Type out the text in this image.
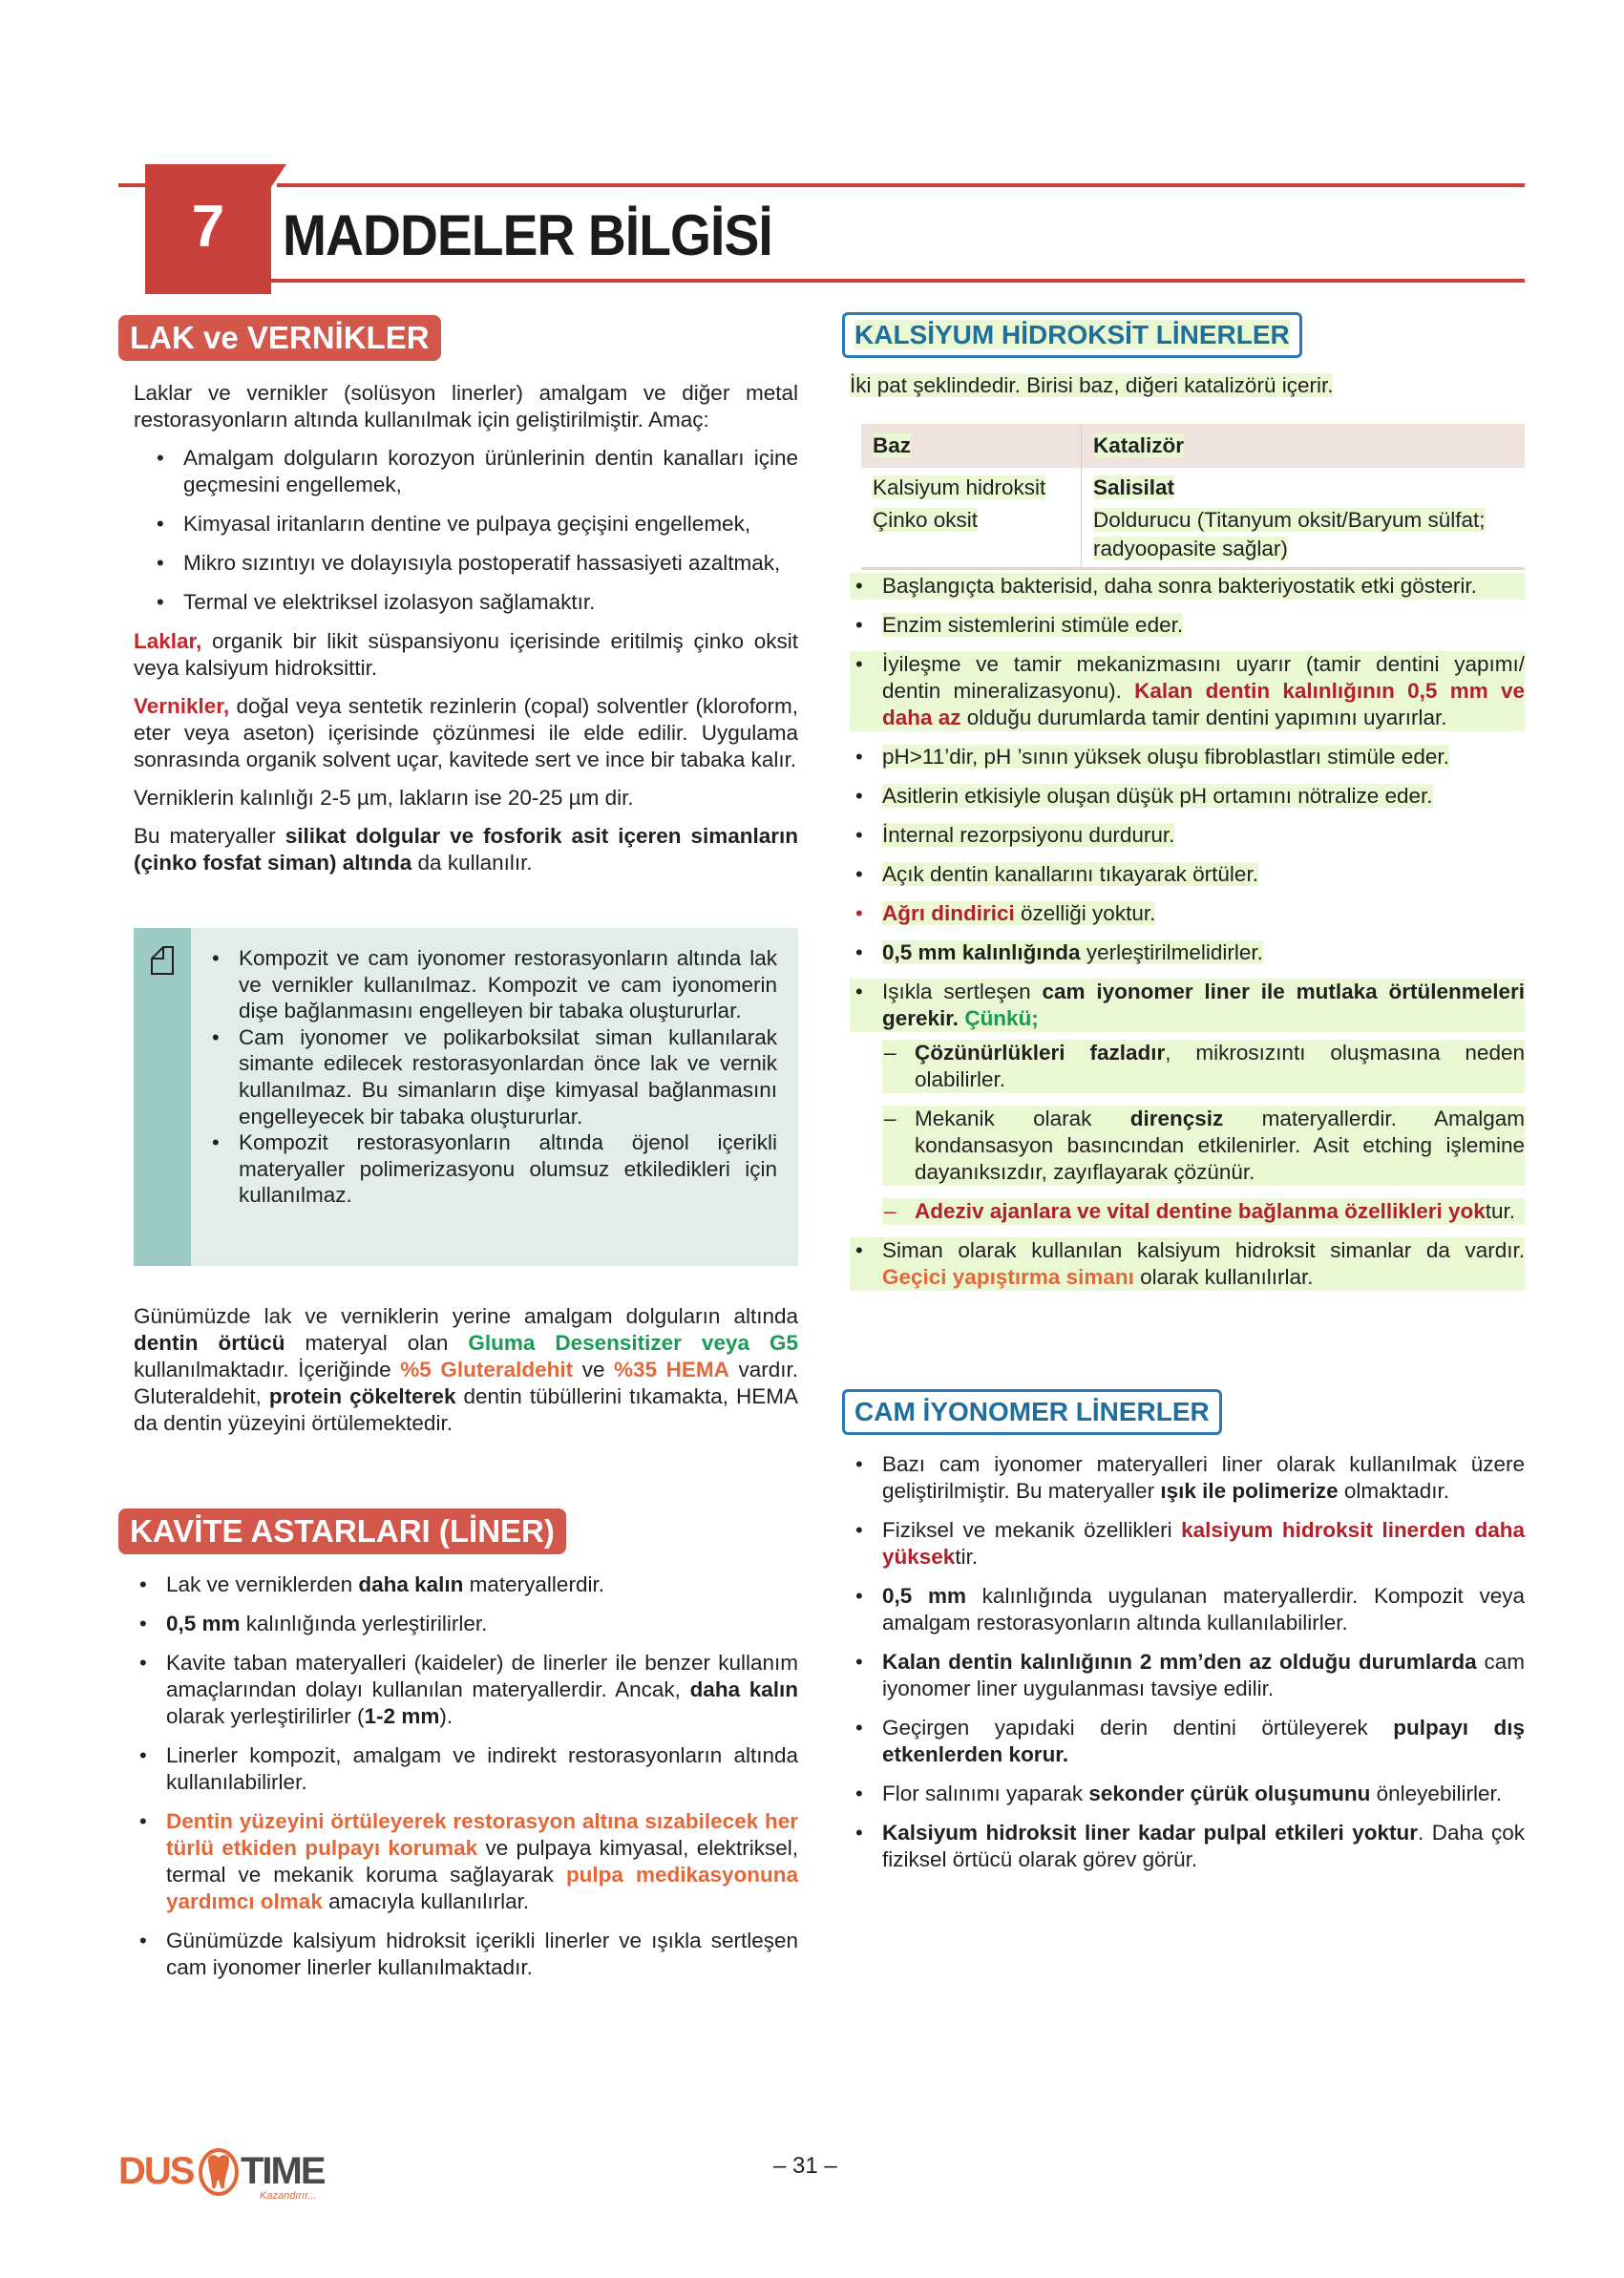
7	MADDELER BİLGİSİ
LAK ve VERNİKLER

Laklar ve vernikler (solüsyon linerler) amalgam ve diğer metal restorasyonların altında kullanılmak için geliştirilmiştir. Amaç:

• Amalgam dolguların korozyon ürünlerinin dentin kanalları içine geçmesini engellemek,
• Kimyasal iritanların dentine ve pulpaya geçişini engellemek,
• Mikro sızıntıyı ve dolayısıyla postoperatif hassasiyeti azaltmak,
• Termal ve elektriksel izolasyon sağlamaktır.

Laklar, organik bir likit süspansiyonu içerisinde eritilmiş çinko oksit veya kalsiyum hidroksittir.

Vernikler, doğal veya sentetik rezinlerin (copal) solventler (kloroform, eter veya aseton) içerisinde çözünmesi ile elde edilir. Uygulama sonrasında organik solvent uçar, kavitede sert ve ince bir tabaka kalır.

Verniklerin kalınlığı 2-5 µm, lakların ise 20-25 µm dir.

Bu materyaller silikat dolgular ve fosforik asit içeren simanların (çinko fosfat siman) altında da kullanılır.

• Kompozit ve cam iyonomer restorasyonların altında lak ve vernikler kullanılmaz. Kompozit ve cam iyonomerin dişe bağlanmasını engelleyen bir tabaka oluştururlar.
• Cam iyonomer ve polikarboksilat siman kullanılarak simante edilecek restorasyonlardan önce lak ve vernik kullanılmaz. Bu simanların dişe kimyasal bağlanmasını engelleyecek bir tabaka oluştururlar.
• Kompozit restorasyonların altında öjenol içerikli materyaller polimerizasyonu olumsuz etkiledikleri için kullanılmaz.

Günümüzde lak ve verniklerin yerine amalgam dolguların altında dentin örtücü materyal olan Gluma Desensitizer veya G5 kullanılmaktadır. İçeriğinde %5 Gluteraldehit ve %35 HEMA vardır. Gluteraldehit, protein çökelterek dentin tübüllerini tıkamakta, HEMA da dentin yüzeyini örtülemektedir.

KAVİTE ASTARLARI (LİNER)
• Lak ve verniklerden daha kalın materyallerdir.
• 0,5 mm kalınlığında yerleştirilirler.
• Kavite taban materyalleri (kaideler) de linerler ile benzer kullanım amaçlarından dolayı kullanılan materyallerdir. Ancak, daha kalın olarak yerleştirilirler (1-2 mm).
• Linerler kompozit, amalgam ve indirekt restorasyonların altında kullanılabilirler.
• Dentin yüzeyini örtüleyerek restorasyon altına sızabilecek her türlü etkiden pulpayı korumak ve pulpaya kimyasal, elektriksel, termal ve mekanik koruma sağlayarak pulpa medikasyonuna yardımcı olmak amacıyla kullanılırlar.
• Günümüzde kalsiyum hidroksit içerikli linerler ve ışıkla sertleşen cam iyonomer linerler kullanılmaktadır.
KALSİYUM HİDROKSİT LİNERLER
İki pat şeklindedir. Birisi baz, diğeri katalizörü içerir.
Baz	Katalizör
Kalsiyum hidroksit	Salisilat
Çinko oksit	Doldurucu (Titanyum oksit/Baryum sülfat; radyoopasite sağlar)
• Başlangıçta bakterisid, daha sonra bakteriyostatik etki gösterir.
• Enzim sistemlerini stimüle eder.
• İyileşme ve tamir mekanizmasını uyarır (tamir dentini yapımı/ dentin mineralizasyonu). Kalan dentin kalınlığının 0,5 mm ve daha az olduğu durumlarda tamir dentini yapımını uyarırlar.
• pH>11’dir, pH ’sının yüksek oluşu fibroblastları stimüle eder.
• Asitlerin etkisiyle oluşan düşük pH ortamını nötralize eder.
• İnternal rezorpsiyonu durdurur.
• Açık dentin kanallarını tıkayarak örtüler.
• Ağrı dindirici özelliği yoktur.
• 0,5 mm kalınlığında yerleştirilmelidirler.
• Işıkla sertleşen cam iyonomer liner ile mutlaka örtülenmeleri gerekir. Çünkü;
– Çözünürlükleri fazladır, mikrosızıntı oluşmasına neden olabilirler.
– Mekanik olarak dirençsiz materyallerdir. Amalgam kondansasyon basıncından etkilenirler. Asit etching işlemine dayanıksızdır, zayıflayarak çözünür.
– Adeziv ajanlara ve vital dentine bağlanma özellikleri yoktur.
• Siman olarak kullanılan kalsiyum hidroksit simanlar da vardır. Geçici yapıştırma simanı olarak kullanılırlar.
CAM İYONOMER LİNERLER
• Bazı cam iyonomer materyalleri liner olarak kullanılmak üzere geliştirilmiştir. Bu materyaller ışık ile polimerize olmaktadır.
• Fiziksel ve mekanik özellikleri kalsiyum hidroksit linerden daha yüksektir.
• 0,5 mm kalınlığında uygulanan materyallerdir. Kompozit veya amalgam restorasyonların altında kullanılabilirler.
• Kalan dentin kalınlığının 2 mm’den az olduğu durumlarda cam iyonomer liner uygulanması tavsiye edilir.
• Geçirgen yapıdaki derin dentini örtüleyerek pulpayı dış etkenlerden korur.
• Flor salınımı yaparak sekonder çürük oluşumunu önleyebilirler.
• Kalsiyum hidroksit liner kadar pulpal etkileri yoktur. Daha çok fiziksel örtücü olarak görev görür.
DUS TIME
Kazandırır...
– 31 –
